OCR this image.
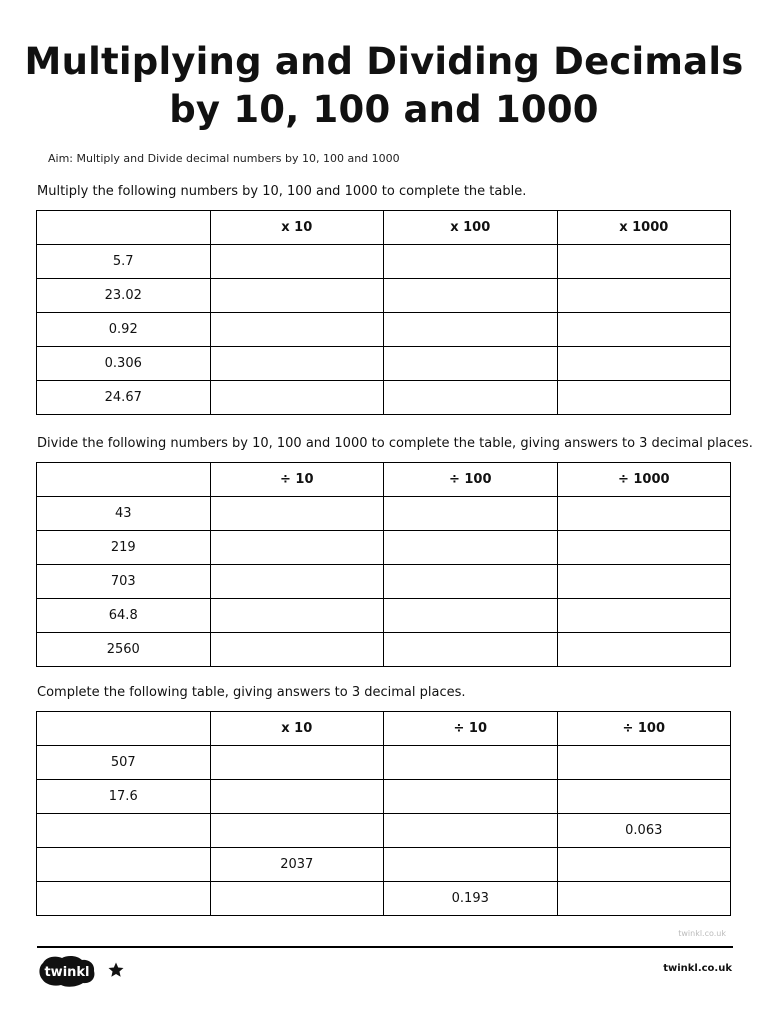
Multiplying and Dividing Decimals
by 10, 100 and 1000
Aim: Multiply and Divide decimal numbers by 10, 100 and 1000
Multiply the following numbers by 10, 100 and 1000 to complete the table.
	x 10	x 100	x 1000
5.7			
23.02			
0.92			
0.306			
24.67			
Divide the following numbers by 10, 100 and 1000 to complete the table, giving answers to 3 decimal places.
	÷ 10	÷ 100	÷ 1000
43			
219			
703			
64.8			
2560			
Complete the following table, giving answers to 3 decimal places.
	x 10	÷ 10	÷ 100
507			
17.6			
			0.063
	2037		
		0.193	
twinkl.co.uk
twinkl	twinkl.co.uk
